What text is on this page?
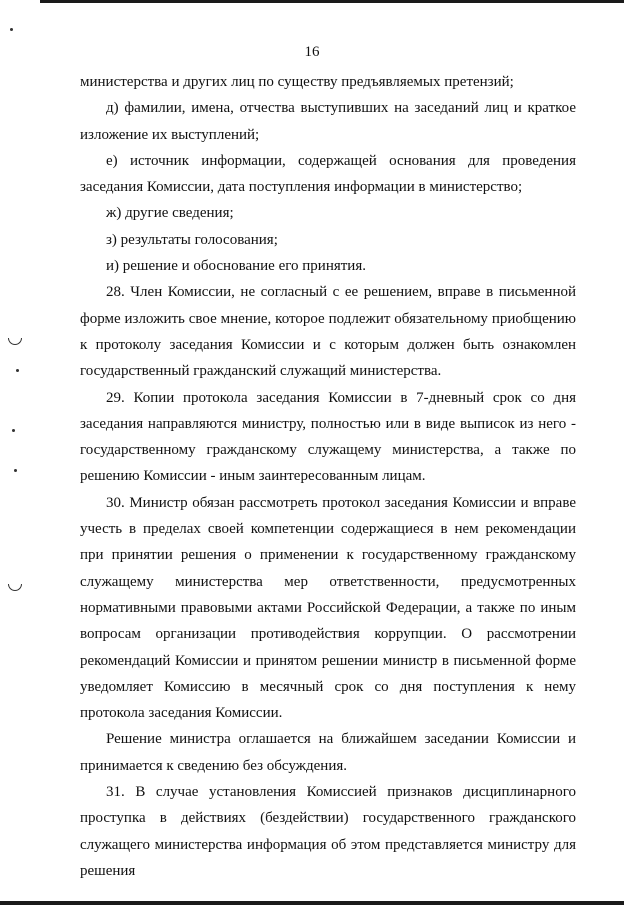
16

министерства и других лиц по существу предъявляемых претензий;

д) фамилии, имена, отчества выступивших на заседаний лиц и краткое изложение их выступлений;

е) источник информации, содержащей основания для проведения заседания Комиссии, дата поступления информации в министерство;

ж) другие сведения;

з) результаты голосования;

и) решение и обоснование его принятия.

28. Член Комиссии, не согласный с ее решением, вправе в письменной форме изложить свое мнение, которое подлежит обязательному приобщению к протоколу заседания Комиссии и с которым должен быть ознакомлен государственный гражданский служащий министерства.

29. Копии протокола заседания Комиссии в 7-дневный срок со дня заседания направляются министру, полностью или в виде выписок из него - государственному гражданскому служащему министерства, а также по решению Комиссии - иным заинтересованным лицам.

30. Министр обязан рассмотреть протокол заседания Комиссии и вправе учесть в пределах своей компетенции содержащиеся в нем рекомендации при принятии решения о применении к государственному гражданскому служащему министерства мер ответственности, предусмотренных нормативными правовыми актами Российской Федерации, а также по иным вопросам организации противодействия коррупции. О рассмотрении рекомендаций Комиссии и принятом решении министр в письменной форме уведомляет Комиссию в месячный срок со дня поступления к нему протокола заседания Комиссии.

Решение министра оглашается на ближайшем заседании Комиссии и принимается к сведению без обсуждения.

31. В случае установления Комиссией признаков дисциплинарного проступка в действиях (бездействии) государственного гражданского служащего министерства информация об этом представляется министру для решения
